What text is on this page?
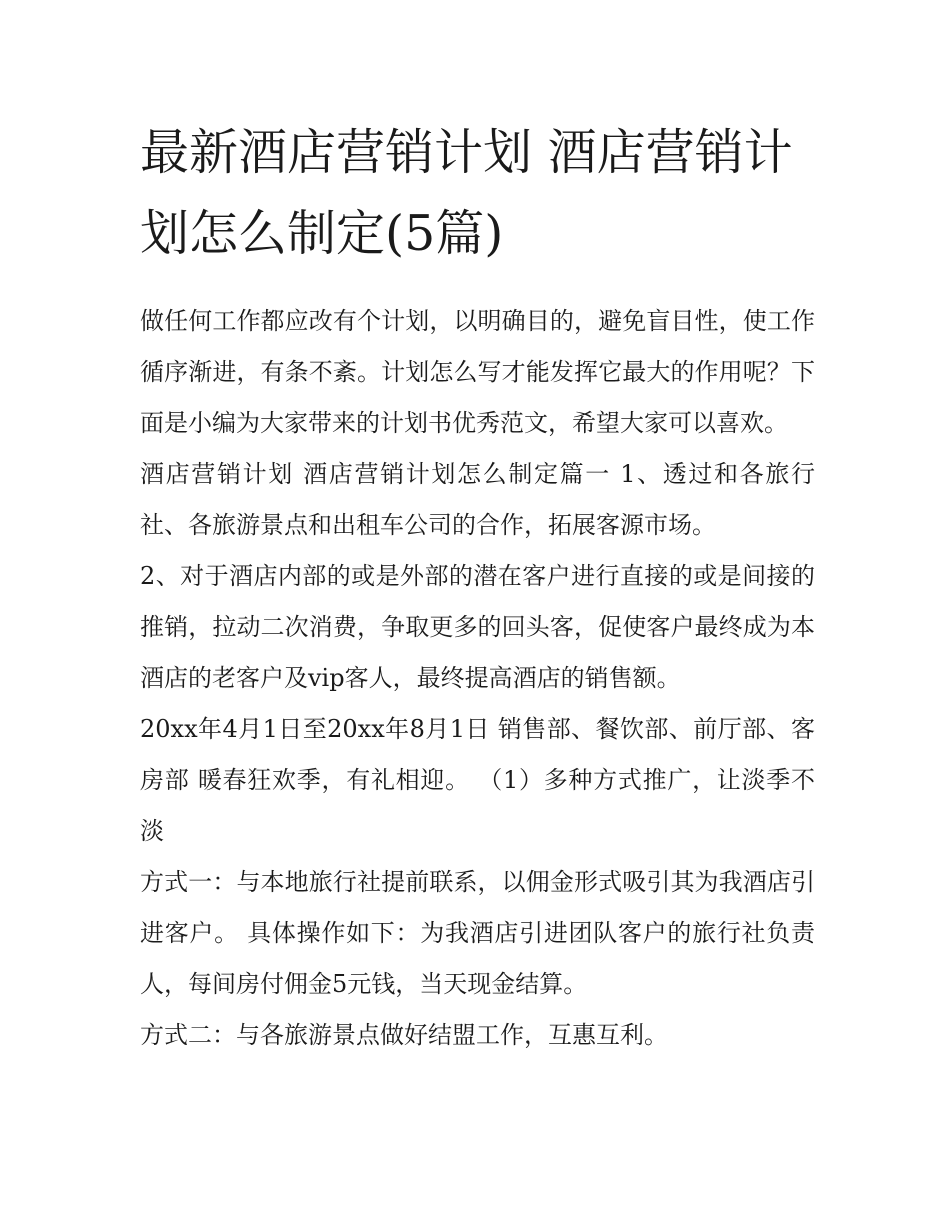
最新酒店营销计划 酒店营销计划怎么制定(5篇)

做任何工作都应改有个计划，以明确目的，避免盲目性，使工作循序渐进，有条不紊。计划怎么写才能发挥它最大的作用呢？下面是小编为大家带来的计划书优秀范文，希望大家可以喜欢。

酒店营销计划 酒店营销计划怎么制定篇一 1、透过和各旅行社、各旅游景点和出租车公司的合作，拓展客源市场。

2、对于酒店内部的或是外部的潜在客户进行直接的或是间接的推销，拉动二次消费，争取更多的回头客，促使客户最终成为本酒店的老客户及vip客人，最终提高酒店的销售额。

20xx年4月1日至20xx年8月1日 销售部、餐饮部、前厅部、客房部 暖春狂欢季，有礼相迎。 （1）多种方式推广，让淡季不淡

方式一：与本地旅行社提前联系，以佣金形式吸引其为我酒店引进客户。 具体操作如下：为我酒店引进团队客户的旅行社负责人，每间房付佣金5元钱，当天现金结算。

方式二：与各旅游景点做好结盟工作，互惠互利。
